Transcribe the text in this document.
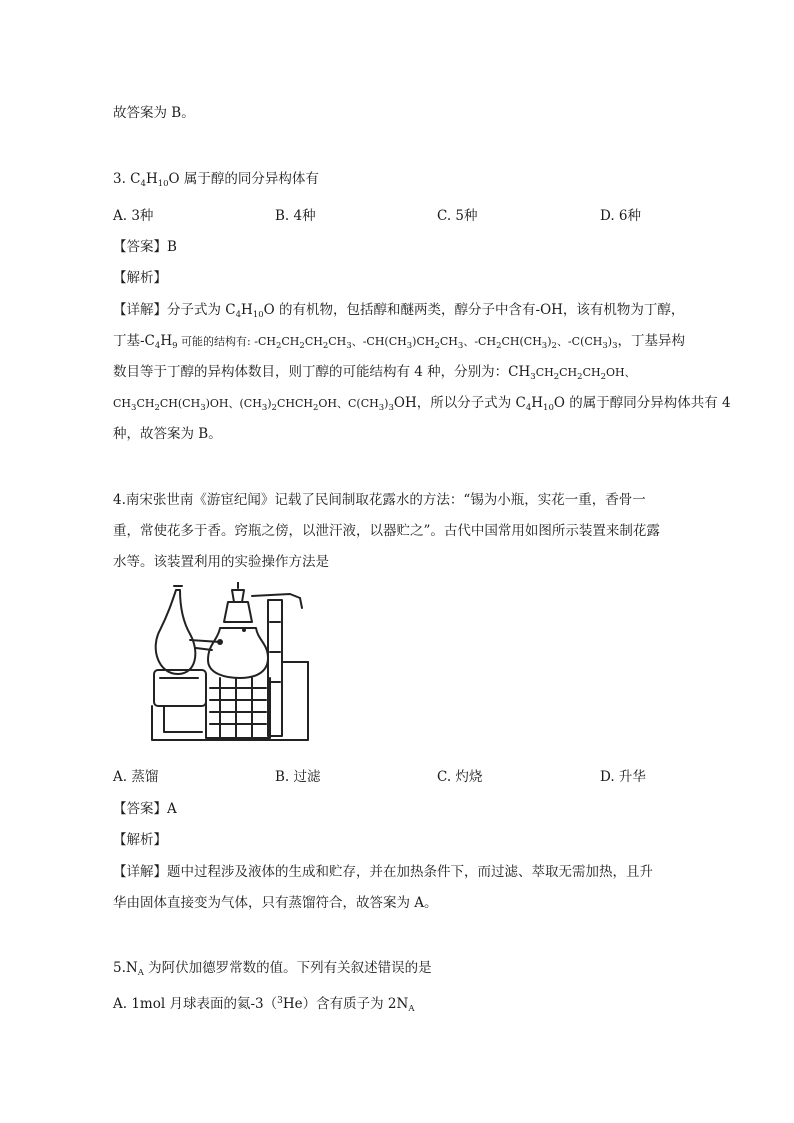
故答案为 B。
3. $C_4H_{10}O$ 属于醇的同分异构体有
A. 3种	B. 4种	C. 5种	D. 6种
【答案】B
【解析】
【详解】分子式为 $C_4H_{10}O$ 的有机物，包括醇和醚两类，醇分子中含有-OH，该有机物为丁醇，
丁基$-C_4H_9$ 可能的结构有: $-CH_2CH_2CH_2CH_3$、$-CH(CH_3)CH_2CH_3$、$-CH_2CH(CH_3)_2$、$-C(CH_3)_3$，丁基异构
数目等于丁醇的异构体数目，则丁醇的可能结构有 4 种，分别为：$CH_3CH_2CH_2CH_2OH$、
$CH_3CH_2CH(CH_3)OH$、$(CH_3)_2CHCH_2OH$、$C(CH_3)_3OH$，所以分子式为 $C_4H_{10}O$ 的属于醇同分异构体共有 4
种，故答案为 B。
4.南宋张世南《游宦纪闻》记载了民间制取花露水的方法：“锡为小瓶，实花一重，香骨一
重，常使花多于香。窍瓶之傍，以泄汗液，以器贮之”。古代中国常用如图所示装置来制花露
水等。该装置利用的实验操作方法是
A. 蒸馏	B. 过滤	C. 灼烧	D. 升华
【答案】A
【解析】
【详解】题中过程涉及液体的生成和贮存，并在加热条件下，而过滤、萃取无需加热，且升
华由固体直接变为气体，只有蒸馏符合，故答案为 A。
$5.N_A$ 为阿伏加德罗常数的值。下列有关叙述错误的是
A. 1mol 月球表面的氦-3（$^3$He）含有质子为 $2N_A$
